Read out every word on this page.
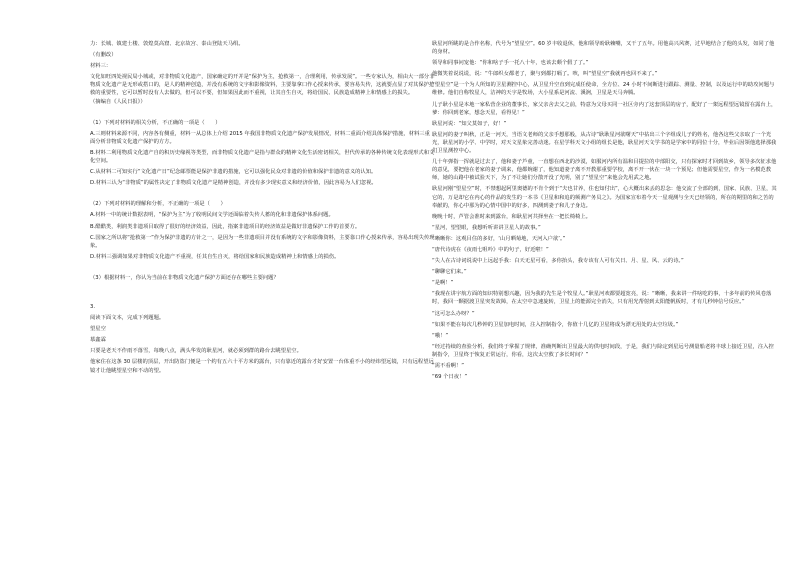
力：长城、镇建士楼、敦煌莫高窟、北京故宫、泰山登陆天马绢。

（有删改）

材料三：

文化如旺四处视民局小城或，对非物质文化遗产，国家确定的开并是“保护为主，抢救第一，合理利用，传承发展”。一些专家认为，相由大一部分非物质文化遗产是无形或搭口的，是人的精神创造，并没有系统的文字和影像资料，主要靠拿口作心授来传承，要容易失传，这就要点显了对其保护抢救的重要性，它可以暂时没有人去做的，但可以不要，但如果因此而不重视，让其自生自灭，将给国民、民族造成精神上和情感上的损失。

（摘编自《人民日报》）

（1）下列对材料的相关分析，不正确的一项是（　　）

A.三则材料来源不同，内容各有侧重，材料一从总体上介绍 2015 年我国非物质文化遗产保护发展情况，材料二重面介绍具体保护措施，材料三重面分析非物质文化遗产保护的方方。

B.材料二利用物质文化遗产自的积历史缘视等类型，而非物质文化遗产是指与群众的精神文化生活密切相关，世代传承的各种传统文化表现形式和文化空间。

C.从材料二可知实行“文化遗产日”纪念邮票能是保护非遗的措施，它可以强化民众对非遗的价值和保护非遗的意义的认知。

D.材料三认为“非物质”的属性决定了非物质文化遗产是精神创造，并没有多少现实意义和经济价值，因此容易为人们忽视。

（2）下列对材料的理解和分析，不正确的一项是（　　）

A.材料一中的统计数据表明，“保护为主”为了收明民间文学还面临着失传人蓄的化和非遗保护体系问题。

B.酷酷类，利润类非遗项目取得了很好的经济效益，因此，指案非遗项目的经济效益是做好非遗保护工作的首要方。

C.国家之所以将“抢救第一”作为保护非遗的方针之一，是因为一些非遗项目并没有系统的文字和影像资料，主要靠口作心授来传承，容易出现失传现象。

D.材料三强调如果对非物质文化遗产不重视，任其自生自灭，将给国家和民族造成精神上和情感上的损伤。

（3）根据材料一，你认为当前在非物质文化遗产保护方面还存在哪些主要问题？

3.

阅读下面文本，完成下列题题。

望星空

慕鑫霖

只要是老天不作雨不落雪，每晚八点，满头华发的耿星河，就必须到群的路台去眺望星空。

他家住在这条 30 层楼的顶层，开出防盗门便是一个约有五六十平方米的露台，只有靠近的露台才好安置一台体重不小的经纬望远镜，只有远程望远镜才让他眺望星空和不动的望。

耿星河所眺的是合作名称，代号为“望星空”。60 岁丰收退休，他和领导盼耿赖嘴，又干了五年。用他高兴风赛，过早地结合了他的头发，如同了他的身材。

领导和同事问宠他：“你和啥子手一托八十年，也该去颇个假了了。”

他微笑着说说谎，说：“牛郎织女都老了，聚与到都打嗝了。咳，叫“望星空”我就再也回不来了。”

“望星空”是一个为人所知的卫星测控中心，从卫星升空直到完成任使命，全方位、24 小时不间断进行跟踪、测量、控制，以及运行中的助攻问题与维修。他们自称牧星人，洁神的天宇是牧场，大小星系是河流、溪涧，卫星是天马奔腾。

儿子耿小星是本地一家私营企业的董事长，家父亲舍去父之前，特意为父母买同一社区旁内了这套顶层的房子，配好了一架远程望远镜留在露台上，爹：你回到老家，想念天星，看得见！”

耿星河说：“知父莫如子，好！”

耿星河的妻子叫秋，正是一河天，当语文老师的父亲手想那般，从古诗“耿耿星河欲曙天”中拈出三个字组成儿子的姓名，他各这些父亲取了一个光光，耿星河的小学、中学时，对天文星象完善动迷。在星学科天文小组的组长是他，耿星河天文学书的是学家中的同位十分，毕业后因领他选择那我们卫星测控中心。

几十年弹指一挥就是过去了，他和妻子芦童，一直想在西北的沙漠，如服河内所有温和目提拉的中部阳交，只有探家时才回到故乡，领导多次征求他的意见，要把他在老家的妻子调来，他都婉谢了，他知道妻子离不开教那重要学校，离不开一伙在一块一个预见；但他需要星空，作为一名模范教师，她的山路中被试验天下，为了不让她们分散开没了光明，别了“望星空”来他会先用武之地。

耿星河刚“望星空”时，不禁想起阿里奥德的不肯个到于“夫也甘养，住也知付出”，心大概出来丢的思念：他交流了全部的到，国家、民族、卫星，其它的，万是却它在内心的作品的发生的一本书《卫星和和追的频测产务员之》。为国家宣布着今天一星观测与全天已经领的，所在的期里的和之苦的奉献的，你心中那为的心情中国中的好多，四测到妻子和儿子身边。

晚晚十时，芦管会准时来到露台，和耿星河共择坐在一把长椅椅上。

“星河，望望眼，我想听听讲讲卫星人的故事。”

“晰晰你：这观目住的多好，‘山月晒菊地，天河入户欲’。”

“唐代诗虎在《夜雨七咀吟》中的句子，好近啦！”

“失人在古诗词说说中上远起手我：白天无星可看，多你抬头，我专该有人可有关日、月、星、风、云的诗。”

“聊聊它们来。”

“是啊！”

“我现在讲宇航方面的知识特别想兴趣，因为我的先生是个牧星人。”耿星河欢都要超宽亮，说：“晰晰，我来讲一件啥吃的事，十多年前的传风卷落时，我回一颗据渡卫星突发故障，在太空中急速旋转，卫星上的能源完全消失，只有用光帮射到太阳能帆板时，才有几秒钟信号反应。”

“这可怎么办呀？”

“如果不能在每次几秒钟的卫星加电时间，注入控制指令，你值十几亿的卫星将成为漂无用处的太空垃圾。”

“哦！”

“经过持续的查验分析，我们终于掌握了规律，准确判断出卫星最大的供电时间段，于是，我们与除定到星远号测量船老将丰球上接近卫星，注入控制指令，卫星终于恢复正常运行，你看，这次太空救了多长时间？”

“需不看啊！”

“69 个日夜！”
